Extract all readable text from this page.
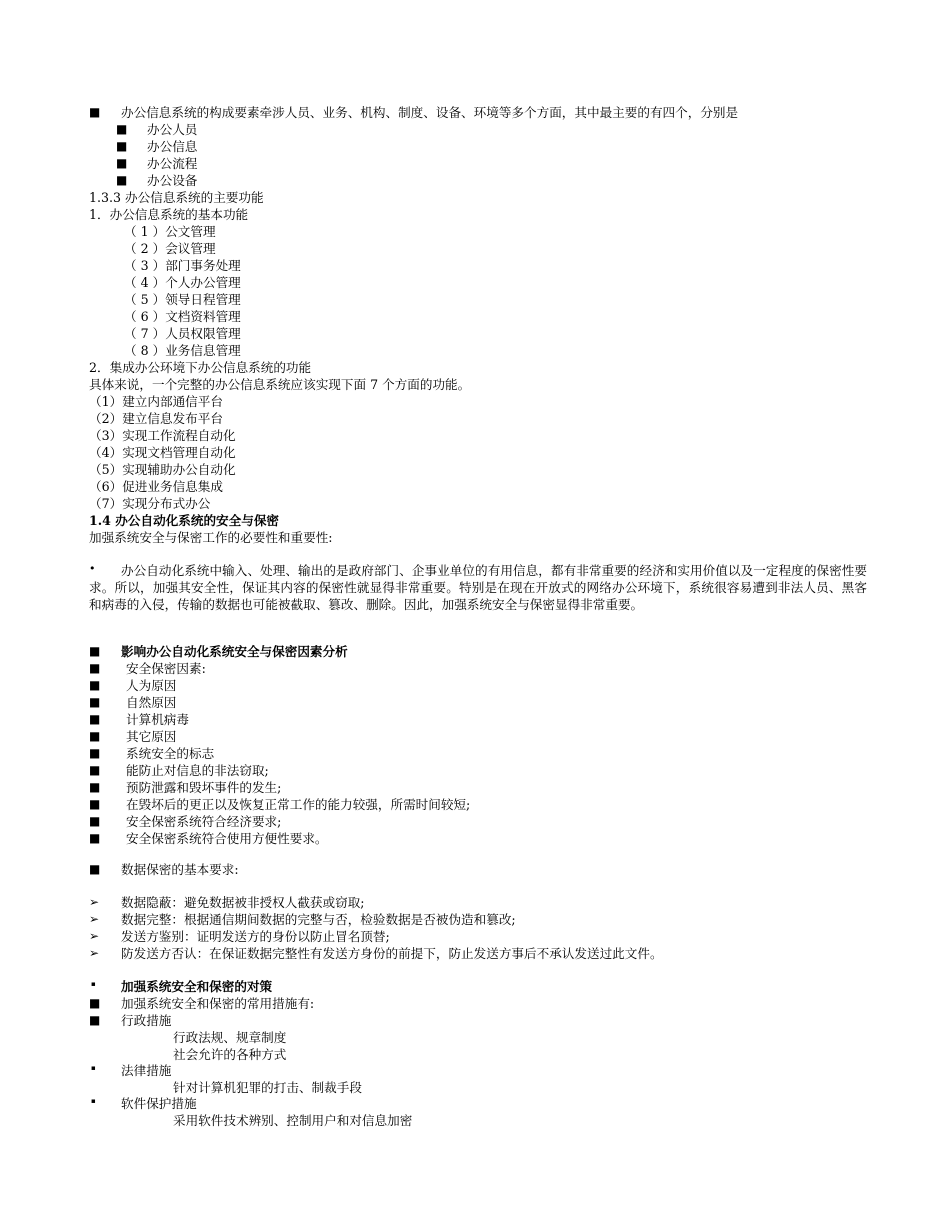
■ 办公信息系统的构成要素牵涉人员、业务、机构、制度、设备、环境等多个方面，其中最主要的有四个，分别是
■ 办公人员
■ 办公信息
■ 办公流程
■ 办公设备
1.3.3 办公信息系统的主要功能
1．办公信息系统的基本功能
（ 1 ）公文管理
（ 2 ）会议管理
（ 3 ）部门事务处理
（ 4 ）个人办公管理
（ 5 ）领导日程管理
（ 6 ）文档资料管理
（ 7 ）人员权限管理
（ 8 ）业务信息管理
2．集成办公环境下办公信息系统的功能
具体来说，一个完整的办公信息系统应该实现下面 7 个方面的功能。
（1）建立内部通信平台
（2）建立信息发布平台
（3）实现工作流程自动化
（4）实现文档管理自动化
（5）实现辅助办公自动化
（6）促进业务信息集成
（7）实现分布式办公
1.4 办公自动化系统的安全与保密
加强系统安全与保密工作的必要性和重要性:
•	办公自动化系统中输入、处理、输出的是政府部门、企事业单位的有用信息，都有非常重要的经济和实用价值以及一定程度的保密性要求。所以，加强其安全性，保证其内容的保密性就显得非常重要。特别是在现在开放式的网络办公环境下，系统很容易遭到非法人员、黑客和病毒的入侵，传输的数据也可能被截取、篡改、删除。因此，加强系统安全与保密显得非常重要。
■ 影响办公自动化系统安全与保密因素分析
■ 安全保密因素:
■ 人为原因
■ 自然原因
■ 计算机病毒
■ 其它原因
■ 系统安全的标志
■ 能防止对信息的非法窃取;
■ 预防泄露和毁坏事件的发生;
■ 在毁坏后的更正以及恢复正常工作的能力较强，所需时间较短;
■ 安全保密系统符合经济要求;
■ 安全保密系统符合使用方便性要求。
■ 数据保密的基本要求:
➢ 数据隐蔽：避免数据被非授权人截获或窃取;
➢ 数据完整：根据通信期间数据的完整与否，检验数据是否被伪造和篡改;
➢ 发送方鉴别：证明发送方的身份以防止冒名顶替;
➢ 防发送方否认：在保证数据完整性有发送方身份的前提下，防止发送方事后不承认发送过此文件。
▪ 加强系统安全和保密的对策
■ 加强系统安全和保密的常用措施有:
■ 行政措施
行政法规、规章制度
社会允许的各种方式
▪ 法律措施
针对计算机犯罪的打击、制裁手段
▪ 软件保护措施
采用软件技术辨别、控制用户和对信息加密
